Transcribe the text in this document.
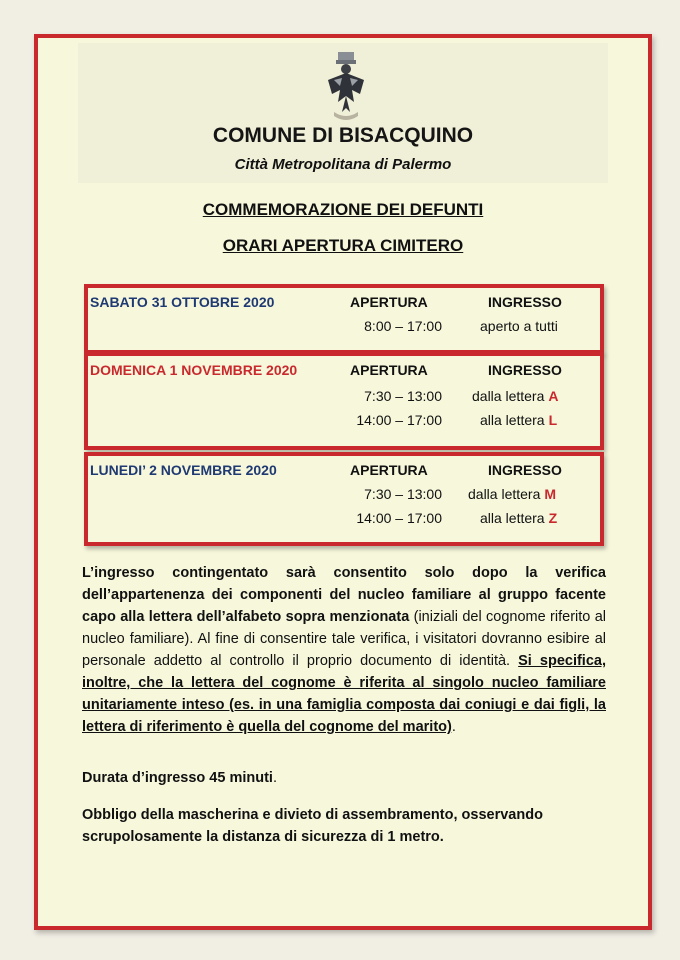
COMUNE DI BISACQUINO
Città Metropolitana di Palermo
COMMEMORAZIONE DEI DEFUNTI
ORARI APERTURA CIMITERO
SABATO 31 OTTOBRE 2020	APERTURA	INGRESSO
8:00 – 17:00	aperto a tutti
DOMENICA 1 NOVEMBRE 2020	APERTURA	INGRESSO
7:30 – 13:00 dalla lettera A
14:00 – 17:00	alla lettera L
LUNEDI’ 2 NOVEMBRE 2020	APERTURA	INGRESSO
7:30 – 13:00 dalla lettera M
14:00 – 17:00	alla lettera Z
L’ingresso contingentato sarà consentito solo dopo la verifica dell’appartenenza dei componenti del nucleo familiare al gruppo facente capo alla lettera dell’alfabeto sopra menzionata (iniziali del cognome riferito al nucleo familiare). Al fine di consentire tale verifica, i visitatori dovranno esibire al personale addetto al controllo il proprio documento di identità. Si specifica, inoltre, che la lettera del cognome è riferita al singolo nucleo familiare unitariamente inteso (es. in una famiglia composta dai coniugi e dai figli, la lettera di riferimento è quella del cognome del marito).
Durata d’ingresso 45 minuti.
Obbligo della mascherina e divieto di assembramento, osservando scrupolosamente la distanza di sicurezza di 1 metro.
